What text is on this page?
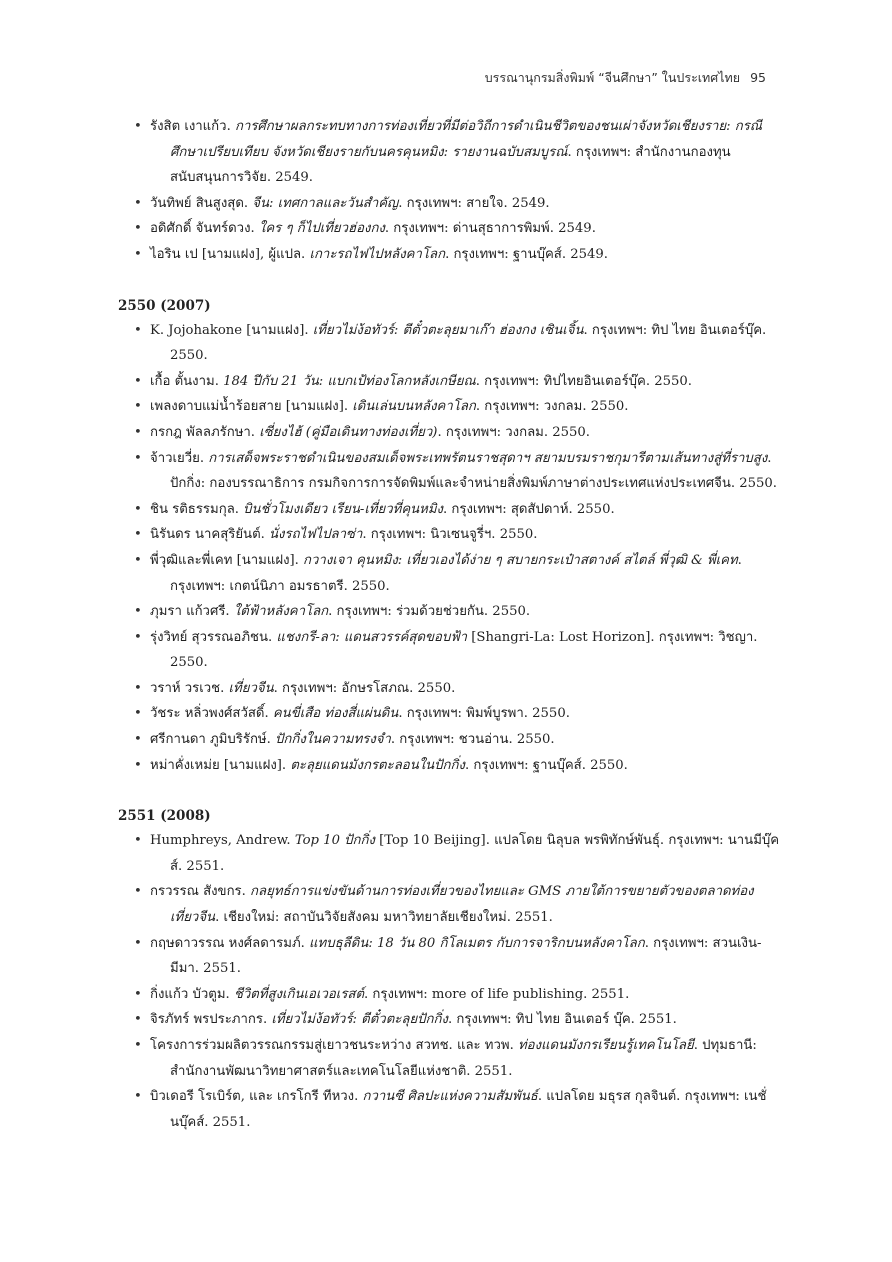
บรรณานุกรมสิ่งพิมพ์ “จีนศึกษา” ในประเทศไทย 95
• รังสิต เงาแก้ว. การศึกษาผลกระทบทางการท่องเที่ยวที่มีต่อวิถีการดำเนินชีวิตของชนเผ่าจังหวัดเชียงราย: กรณีศึกษาเปรียบเทียบ จังหวัดเชียงรายกับนครคุนหมิง: รายงานฉบับสมบูรณ์. กรุงเทพฯ: สำนักงานกองทุนสนับสนุนการวิจัย. 2549.
• วันทิพย์ สินสูงสุด. จีน: เทศกาลและวันสำคัญ. กรุงเทพฯ: สายใจ. 2549.
• อดิศักดิ์ จันทร์ดวง. ใคร ๆ ก็ไปเที่ยวฮ่องกง. กรุงเทพฯ: ด่านสุธาการพิมพ์. 2549.
• ไอริน เป [นามแฝง], ผู้แปล. เกาะรถไฟไปหลังคาโลก. กรุงเทพฯ: ฐานบุ๊คส์. 2549.
2550 (2007)
• K. Jojohakone [นามแฝง]. เที่ยวไม่ง้อทัวร์: ตีตั๋วตะลุยมาเก๊า ฮ่องกง เซินเจิ้น. กรุงเทพฯ: ทิป ไทย อินเตอร์บุ๊ค. 2550.
• เกื้อ ตั้นงาม. 184 ปีกับ 21 วัน: แบกเป้ท่องโลกหลังเกษียณ. กรุงเทพฯ: ทิปไทยอินเตอร์บุ๊ค. 2550.
• เพลงดาบแม่น้ำร้อยสาย [นามแฝง]. เดินเล่นบนหลังคาโลก. กรุงเทพฯ: วงกลม. 2550.
• กรกฎ พัลลภรักษา. เซี่ยงไฮ้ (คู่มือเดินทางท่องเที่ยว). กรุงเทพฯ: วงกลม. 2550.
• จ้าวเยวี่ย. การเสด็จพระราชดำเนินของสมเด็จพระเทพรัตนราชสุดาฯ สยามบรมราชกุมารีตามเส้นทางสู่ที่ราบสูง. ปักกิ่ง: กองบรรณาธิการ กรมกิจการการจัดพิมพ์และจำหน่ายสิ่งพิมพ์ภาษาต่างประเทศแห่งประเทศจีน. 2550.
• ชิน รติธรรมกุล. บินชั่วโมงเดียว เรียน-เที่ยวที่คุนหมิง. กรุงเทพฯ: สุดสัปดาห์. 2550.
• นิรันดร นาคสุริยันต์. นั่งรถไฟไปลาซ่า. กรุงเทพฯ: นิวเซนจูรี่ฯ. 2550.
• พี่วุฒิและพี่เคท [นามแฝง]. กวางเจา คุนหมิง: เที่ยวเองได้ง่าย ๆ สบายกระเป๋าสตางค์ สไตล์ พี่วุฒิ & พี่เคท. กรุงเทพฯ: เกตน์นิภา อมรธาตรี. 2550.
• ภุมรา แก้วศรี. ใต้ฟ้าหลังคาโลก. กรุงเทพฯ: ร่วมด้วยช่วยกัน. 2550.
• รุ่งวิทย์ สุวรรณอภิชน. แชงกรี-ลา: แดนสวรรค์สุดขอบฟ้า [Shangri-La: Lost Horizon]. กรุงเทพฯ: วิชญา. 2550.
• วราห์ วรเวช. เที่ยวจีน. กรุงเทพฯ: อักษรโสภณ. 2550.
• วัชระ หลิ่วพงศ์สวัสดิ์. คนขี่เสือ ท่องสี่แผ่นดิน. กรุงเทพฯ: พิมพ์บูรพา. 2550.
• ศรีกานดา ภูมิบริรักษ์. ปักกิ่งในความทรงจำ. กรุงเทพฯ: ชวนอ่าน. 2550.
• หม่าคั่งเหม่ย [นามแฝง]. ตะลุยแดนมังกรตะลอนในปักกิ่ง. กรุงเทพฯ: ฐานบุ๊คส์. 2550.
2551 (2008)
• Humphreys, Andrew. Top 10 ปักกิ่ง [Top 10 Beijing]. แปลโดย นิลุบล พรพิทักษ์พันธุ์. กรุงเทพฯ: นานมีบุ๊คส์. 2551.
• กรวรรณ สังขกร. กลยุทธ์การแข่งขันด้านการท่องเที่ยวของไทยและ GMS ภายใต้การขยายตัวของตลาดท่องเที่ยวจีน. เชียงใหม่: สถาบันวิจัยสังคม มหาวิทยาลัยเชียงใหม่. 2551.
• กฤษดาวรรณ หงศ์ลดารมภ์. แทบธุลีดิน: 18 วัน 80 กิโลเมตร กับการจาริกบนหลังคาโลก. กรุงเทพฯ: สวนเงิน-มีมา. 2551.
• กิ่งแก้ว บัวตูม. ชีวิตที่สูงเกินเอเวอเรสต์. กรุงเทพฯ: more of life publishing. 2551.
• จิรภัทร์ พรประภากร. เที่ยวไม่ง้อทัวร์: ตีตั๋วตะลุยปักกิ่ง. กรุงเทพฯ: ทิป ไทย อินเตอร์ บุ๊ค. 2551.
• โครงการร่วมผลิตวรรณกรรมสู่เยาวชนระหว่าง สวทช. และ ทวพ. ท่องแดนมังกรเรียนรู้เทคโนโลยี. ปทุมธานี: สำนักงานพัฒนาวิทยาศาสตร์และเทคโนโลยีแห่งชาติ. 2551.
• บิวเดอรี โรเบิร์ต, และ เกรโกรี ทีหวง. กวานซี ศิลปะแห่งความสัมพันธ์. แปลโดย มธุรส กุลจินต์. กรุงเทพฯ: เนชั่นบุ๊คส์. 2551.
